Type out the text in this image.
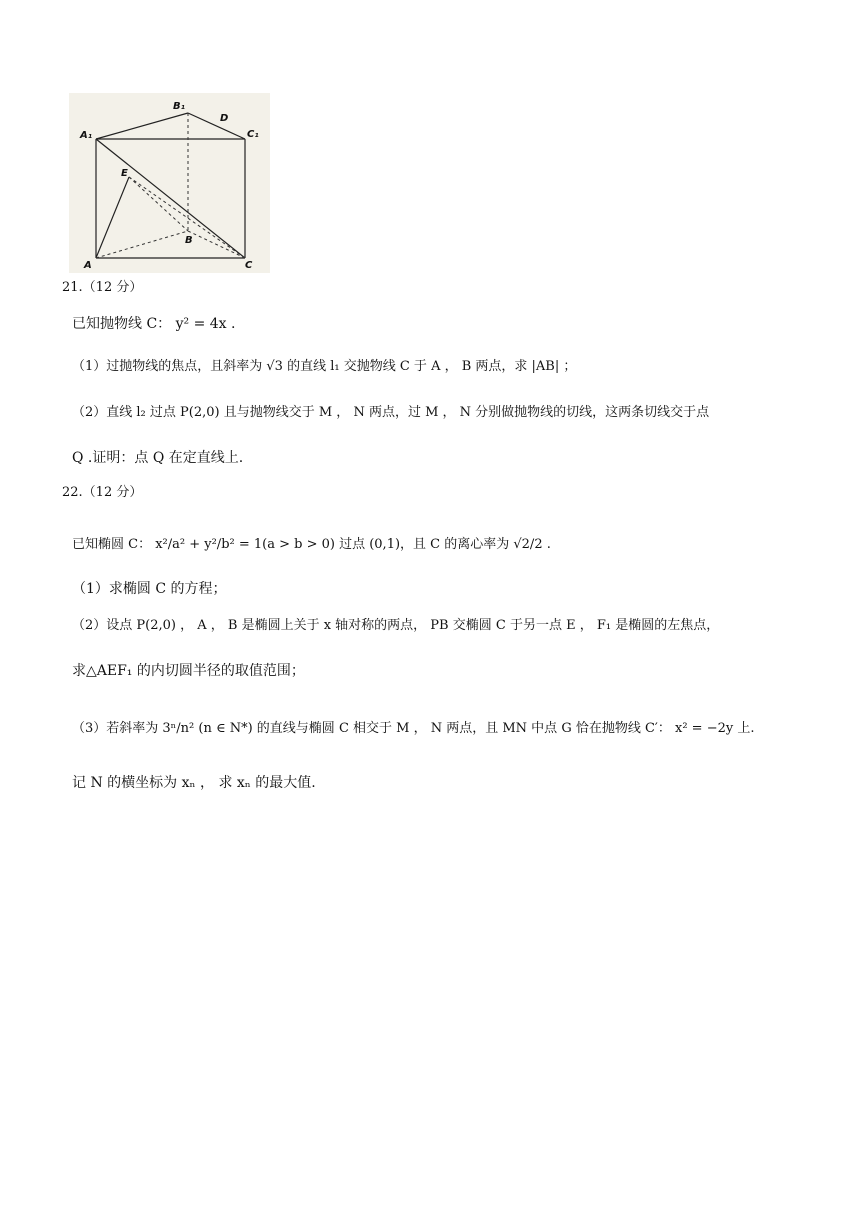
A₁
B₁
D
C₁
E
B
A	C
21.（12 分）
已知抛物线 C： y² = 4x .
（1）过抛物线的焦点，且斜率为 √3 的直线 l₁ 交抛物线 C 于 A ， B 两点，求 |AB| ；
（2）直线 l₂ 过点 P(2,0) 且与抛物线交于 M ， N 两点，过 M ， N 分别做抛物线的切线，这两条切线交于点
Q .证明：点 Q 在定直线上.
22.（12 分）
已知椭圆 C： x²/a² + y²/b² = 1(a > b > 0) 过点 (0,1)，且 C 的离心率为 √2/2 .
（1）求椭圆 C 的方程；
（2）设点 P(2,0) ， A ， B 是椭圆上关于 x 轴对称的两点， PB 交椭圆 C 于另一点 E ， F₁ 是椭圆的左焦点，
求△AEF₁ 的内切圆半径的取值范围；
（3）若斜率为 3ⁿ/n² (n ∈ N*) 的直线与椭圆 C 相交于 M ， N 两点，且 MN 中点 G 恰在抛物线 C′： x² = −2y 上.
记 N 的横坐标为 xₙ ， 求 xₙ 的最大值.
